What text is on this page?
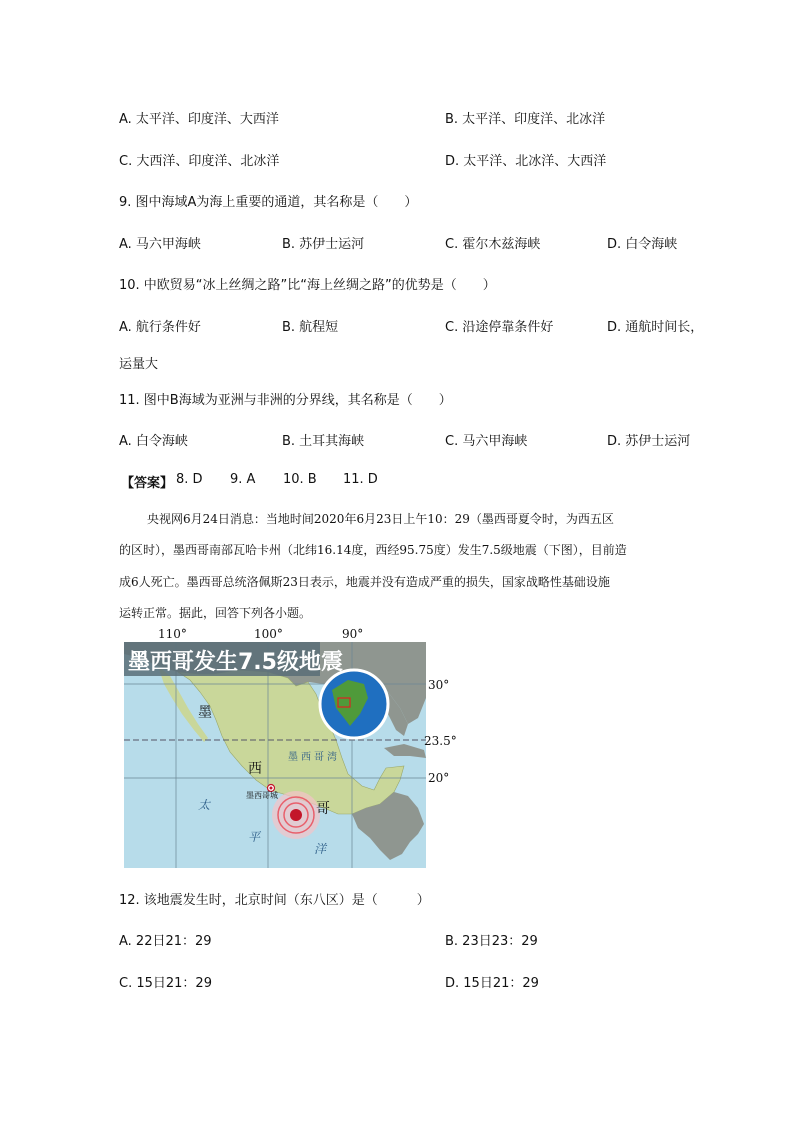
A. 太平洋、印度洋、大西洋	B. 太平洋、印度洋、北冰洋
C. 大西洋、印度洋、北冰洋	D. 太平洋、北冰洋、大西洋
9. 图中海域A为海上重要的通道，其名称是（　　）
A. 马六甲海峡	B. 苏伊士运河	C. 霍尔木兹海峡	D. 白令海峡
10. 中欧贸易“冰上丝绸之路”比“海上丝绸之路”的优势是（　　）
A. 航行条件好	B. 航程短	C. 沿途停靠条件好	D. 通航时间长，
运量大
11. 图中B海域为亚洲与非洲的分界线，其名称是（　　）
A. 白令海峡	B. 土耳其海峡	C. 马六甲海峡	D. 苏伊士运河
【答案】 8. D 9. A 10. B 11. D
央视网6月24日消息：当地时间2020年6月23日上午10：29（墨西哥夏令时，为西五区
的区时），墨西哥南部瓦哈卡州（北纬16.14度，西经95.75度）发生7.5级地震（下图），目前造
成6人死亡。墨西哥总统洛佩斯23日表示，地震并没有造成严重的损失，国家战略性基础设施
运转正常。据此，回答下列各小题。
110°	100°	90°
墨西哥发生7.5级地震
30°
23.5°
20°
墨西哥湾
墨
西
哥
墨西哥城
太
平
洋
12. 该地震发生时，北京时间（东八区）是（　　　）
A. 22日21：29	B. 23日23：29
C. 15日21：29	D. 15日21：29
